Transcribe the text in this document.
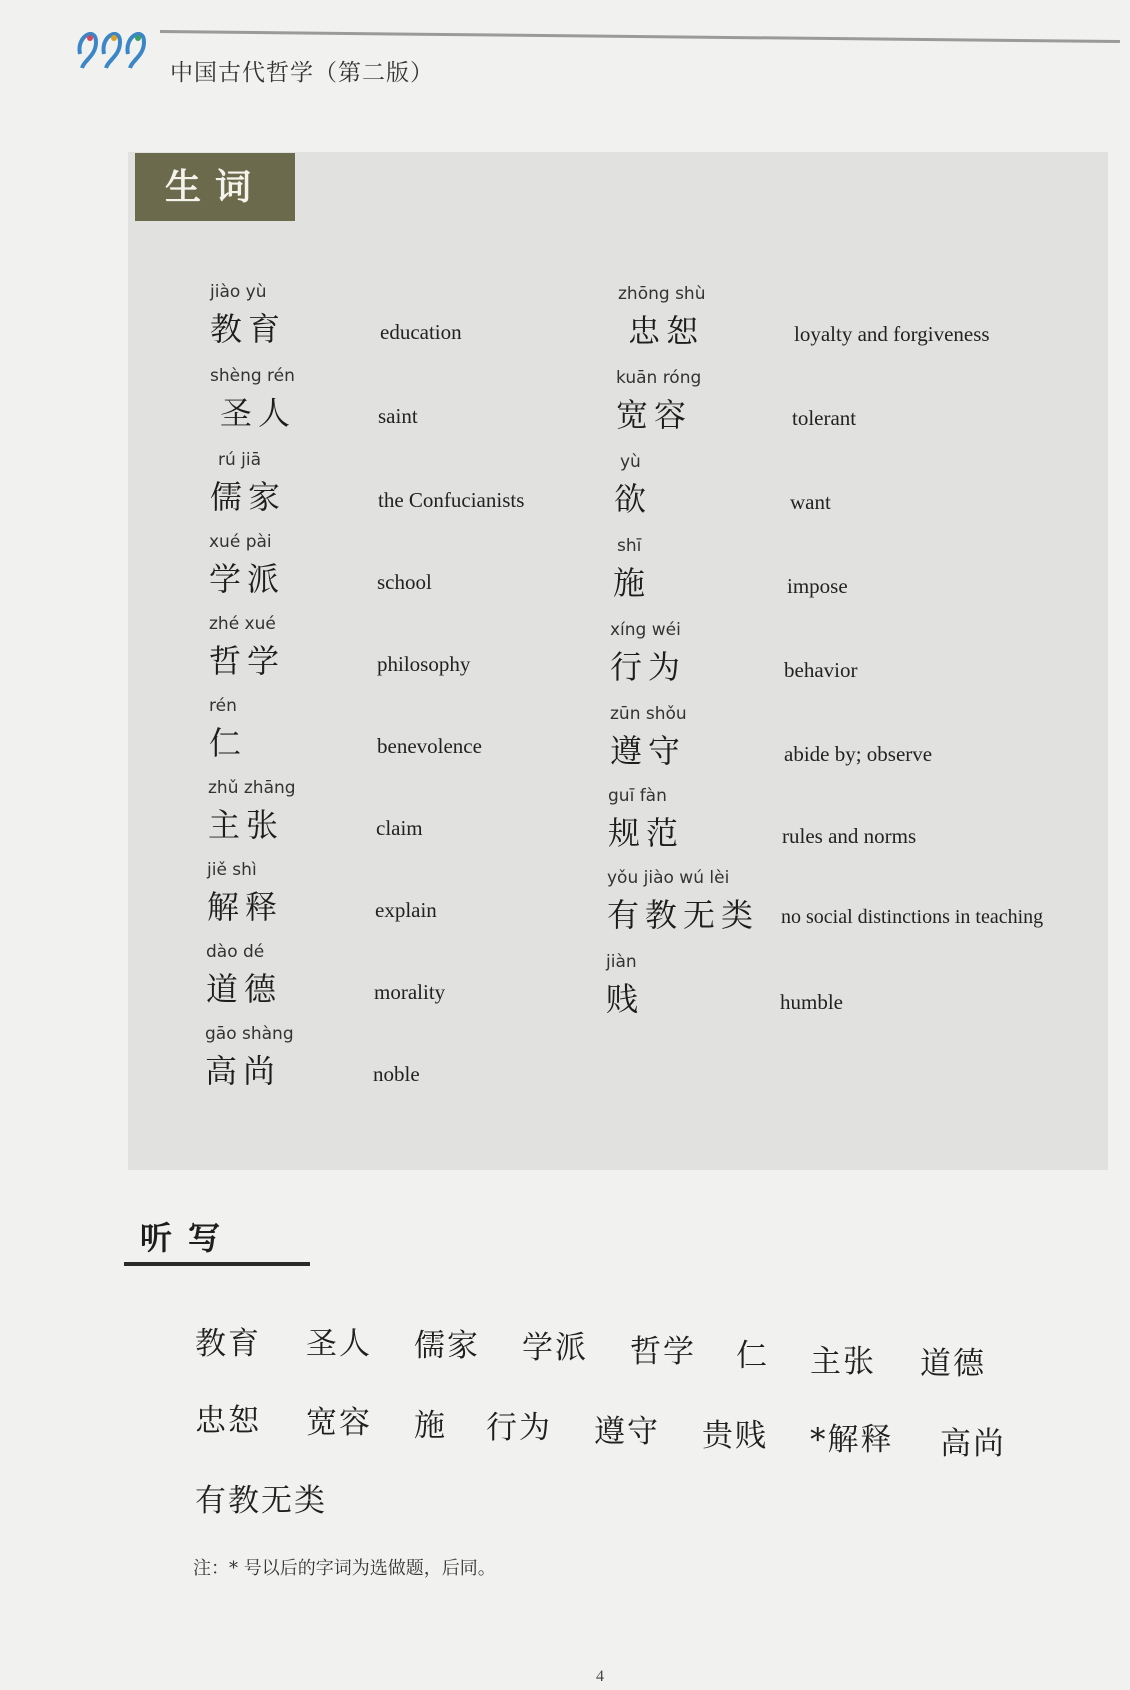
中国古代哲学（第二版）
生词
jiào yù
教育	education
shèng rén
圣人	saint
rú jiā
儒家	the Confucianists
xué pài
学派	school
zhé xué
哲学	philosophy
rén
仁	benevolence
zhǔ zhāng
主张	claim
jiě shì
解释	explain
dào dé
道德	morality
gāo shàng
高尚	noble
zhōng shù
忠恕	loyalty and forgiveness
kuān róng
宽容	tolerant
yù
欲	want
shī
施	impose
xíng wéi
行为	behavior
zūn shǒu
遵守	abide by; observe
guī fàn
规范	rules and norms
yǒu jiào wú lèi
有教无类 no social distinctions in teaching
jiàn
贱	humble
听写
教育 圣人 儒家 学派 哲学 仁 主张 道德
忠恕 宽容 施 行为 遵守 贵贱 *解释 高尚
有教无类
注：* 号以后的字词为选做题，后同。
4
